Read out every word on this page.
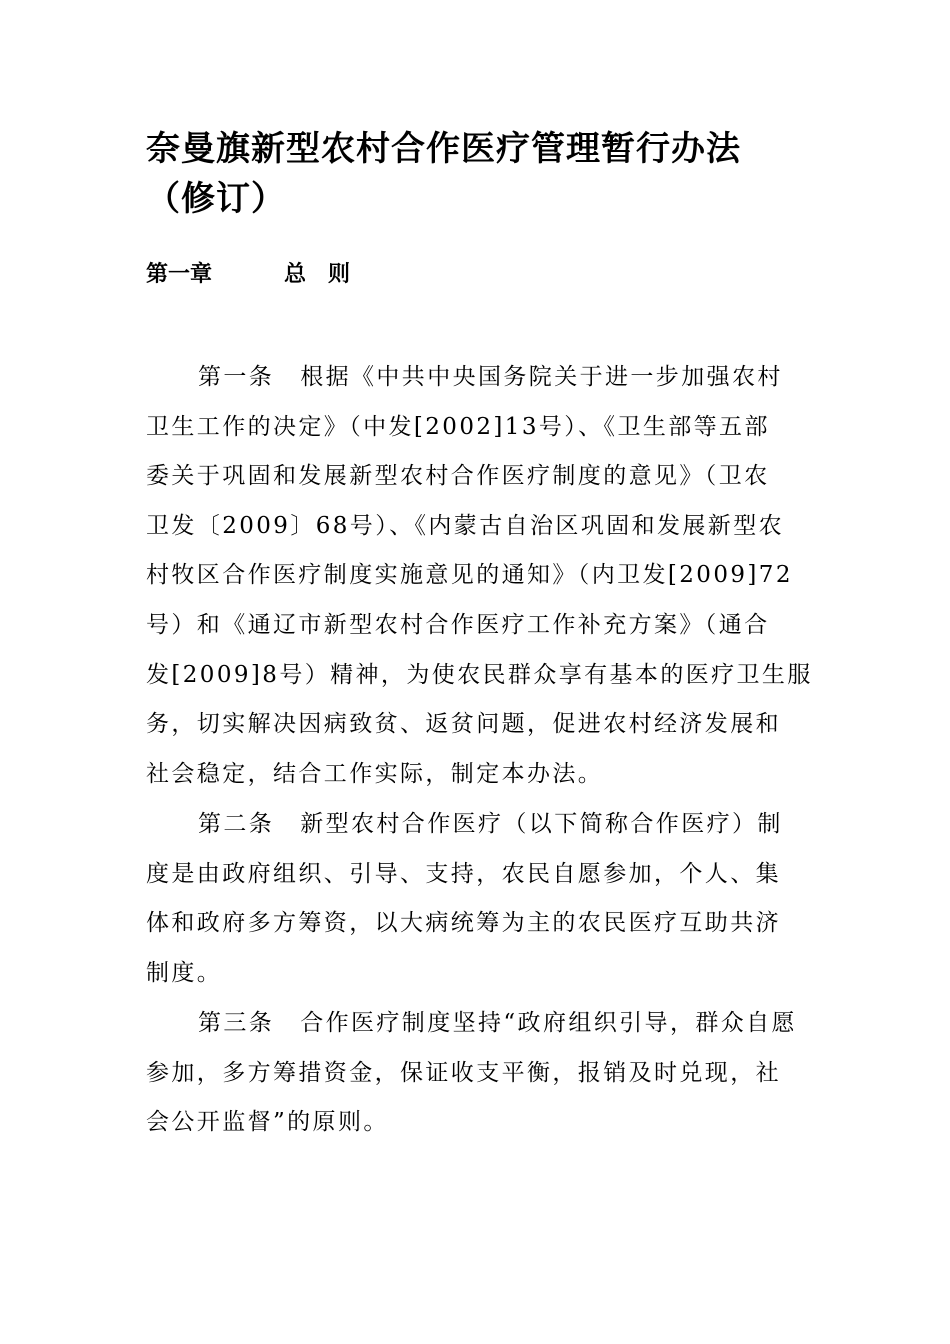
奈曼旗新型农村合作医疗管理暂行办法
（修订）
第一章	总则
第一条 根据《中共中央国务院关于进一步加强农村
卫生工作的决定》（中发[2002]13号）、《卫生部等五部
委关于巩固和发展新型农村合作医疗制度的意见》（卫农
卫发〔2009〕68号）、《内蒙古自治区巩固和发展新型农
村牧区合作医疗制度实施意见的通知》（内卫发[2009]72
号）和《通辽市新型农村合作医疗工作补充方案》（通合
发[2009]8号）精神，为使农民群众享有基本的医疗卫生服
务，切实解决因病致贫、返贫问题，促进农村经济发展和
社会稳定，结合工作实际，制定本办法。
第二条 新型农村合作医疗（以下简称合作医疗）制
度是由政府组织、引导、支持，农民自愿参加，个人、集
体和政府多方筹资，以大病统筹为主的农民医疗互助共济
制度。
第三条 合作医疗制度坚持“政府组织引导，群众自愿
参加，多方筹措资金，保证收支平衡，报销及时兑现，社
会公开监督”的原则。
